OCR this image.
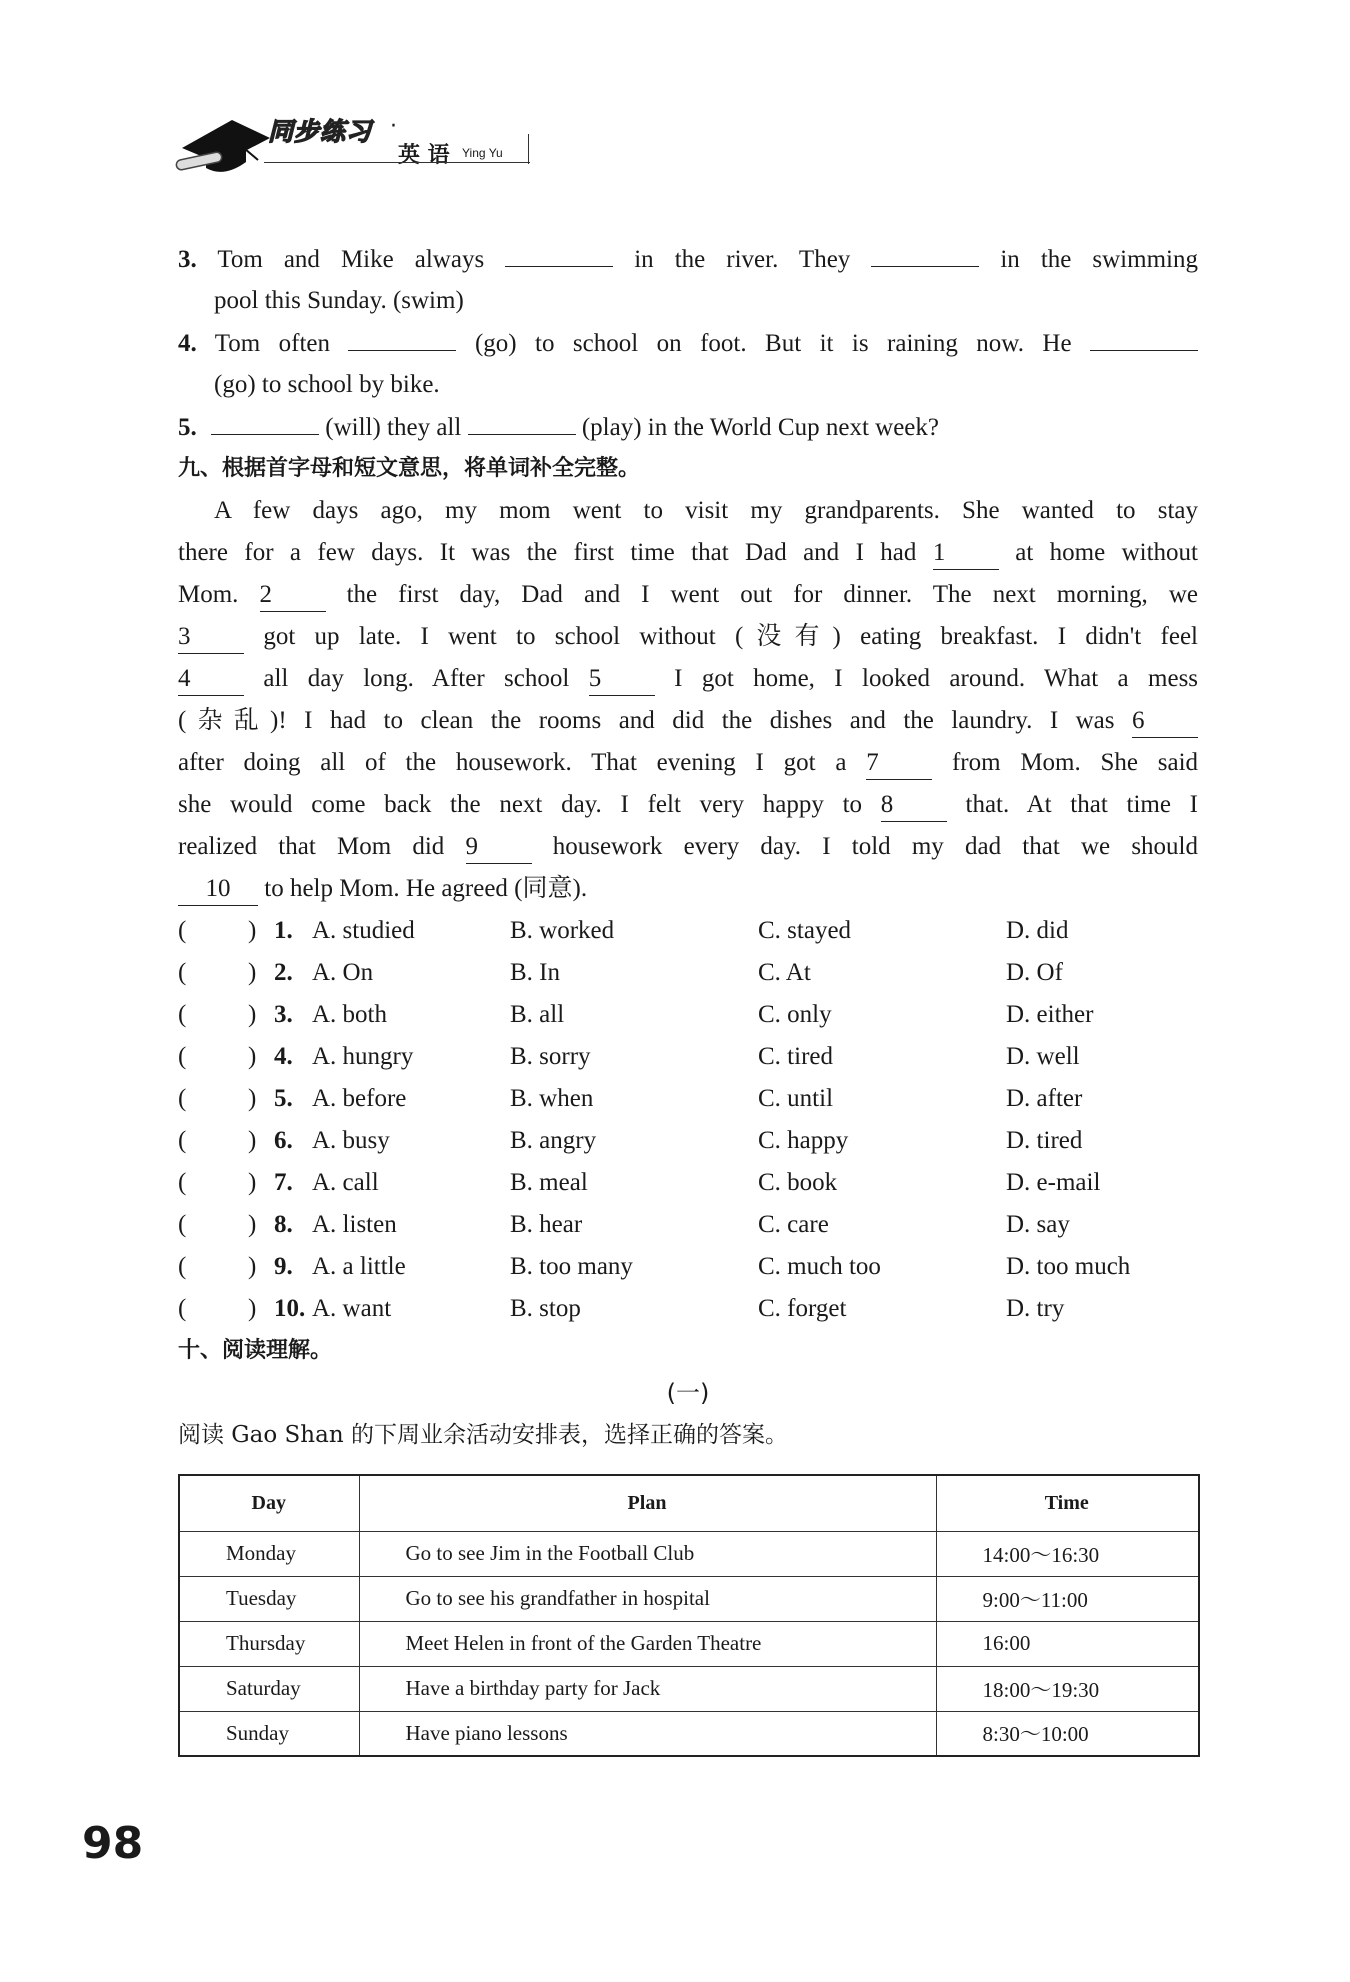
同步练习 ·
英 语 Ying Yu
3. Tom and Mike always	in the river. They	in the swimming
pool this Sunday. (swim)
4. Tom often	(go) to school on foot. But it is raining now. He
(go) to school by bike.
5.	(will) they all	(play) in the World Cup next week?
九、根据首字母和短文意思，将单词补全完整。
A few days ago, my mom went to visit my grandparents. She wanted to stay
there for a few days. It was the first time that Dad and I had 1	at home without
Mom. 2	the first day, Dad and I went out for dinner. The next morning, we
3	got up late. I went to school without (没有) eating breakfast. I didn't feel
4	all day long. After school 5	I got home, I looked around. What a mess
(杂乱)! I had to clean the rooms and did the dishes and the laundry. I was 6
after doing all of the housework. That evening I got a 7	from Mom. She said
she would come back the next day. I felt very happy to 8	that. At that time I
realized that Mom did 9	housework every day. I told my dad that we should
10 to help Mom. He agreed (同意).
( ) 1. A. studied	B. worked	C. stayed	D. did
( ) 2. A. On	B. In	C. At	D. Of
( ) 3. A. both	B. all	C. only	D. either
( ) 4. A. hungry	B. sorry	C. tired	D. well
( ) 5. A. before	B. when	C. until	D. after
( ) 6. A. busy	B. angry	C. happy	D. tired
( ) 7. A. call	B. meal	C. book	D. e-mail
( ) 8. A. listen	B. hear	C. care	D. say
( ) 9. A. a little	B. too many	C. much too	D. too much
( ) 10. A. want	B. stop	C. forget	D. try
十、阅读理解。
(一)
阅读 Gao Shan 的下周业余活动安排表，选择正确的答案。
Day	Plan	Time
Monday	Go to see Jim in the Football Club	14:00～16:30
Tuesday	Go to see his grandfather in hospital	9:00～11:00
Thursday	Meet Helen in front of the Garden Theatre	16:00
Saturday	Have a birthday party for Jack	18:00～19:30
Sunday	Have piano lessons	8:30～10:00
98
